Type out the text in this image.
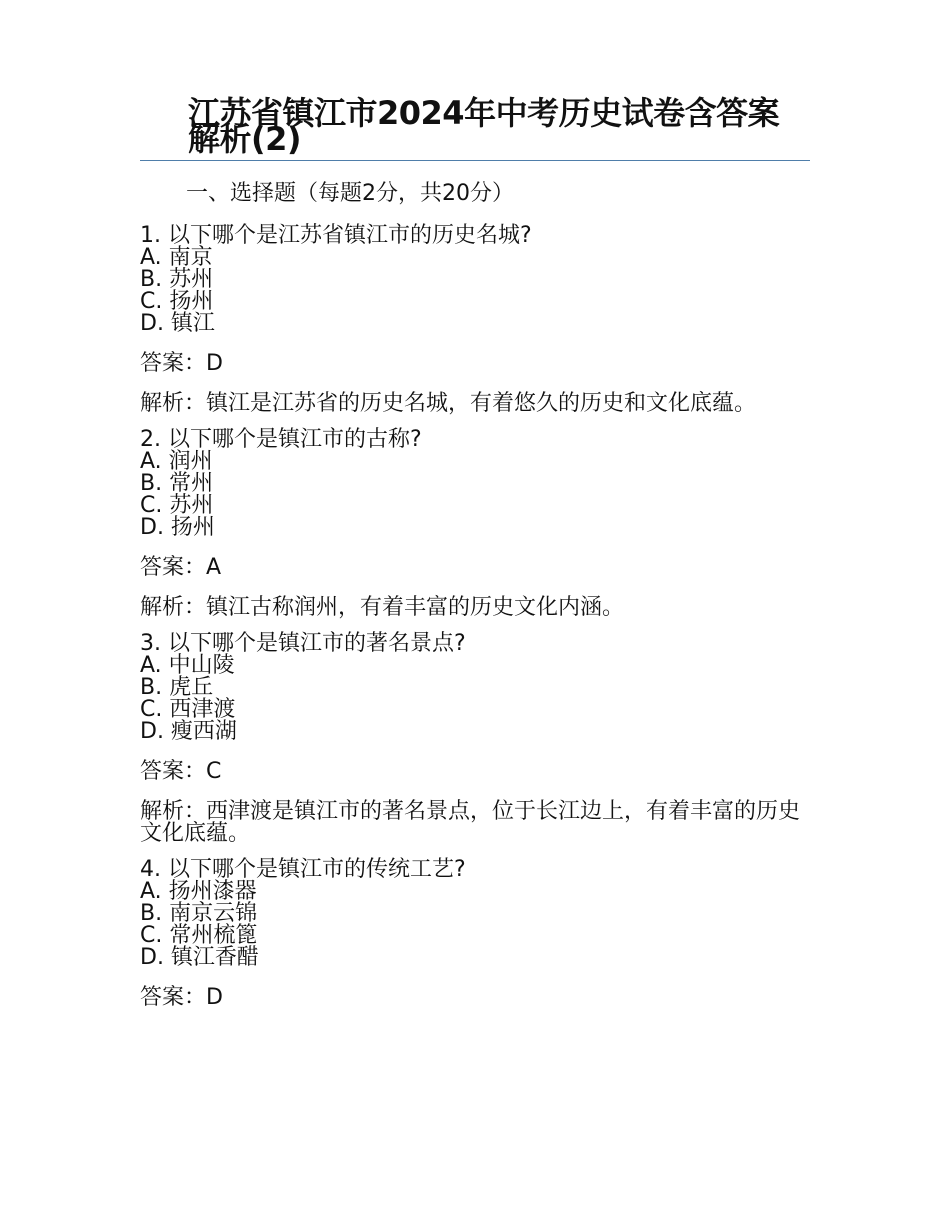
江苏省镇江市2024年中考历史试卷含答案解析(2)
一、选择题（每题2分，共20分）

1. 以下哪个是江苏省镇江市的历史名城?

A. 南京
B. 苏州
C. 扬州
D. 镇江

答案：D

解析：镇江是江苏省的历史名城，有着悠久的历史和文化底蕴。

2. 以下哪个是镇江市的古称?

A. 润州
B. 常州
C. 苏州
D. 扬州

答案：A

解析：镇江古称润州，有着丰富的历史文化内涵。

3. 以下哪个是镇江市的著名景点?

A. 中山陵
B. 虎丘
C. 西津渡
D. 瘦西湖

答案：C

解析：西津渡是镇江市的著名景点，位于长江边上，有着丰富的历史文化底蕴。

4. 以下哪个是镇江市的传统工艺?

A. 扬州漆器
B. 南京云锦
C. 常州梳篦
D. 镇江香醋

答案：D
